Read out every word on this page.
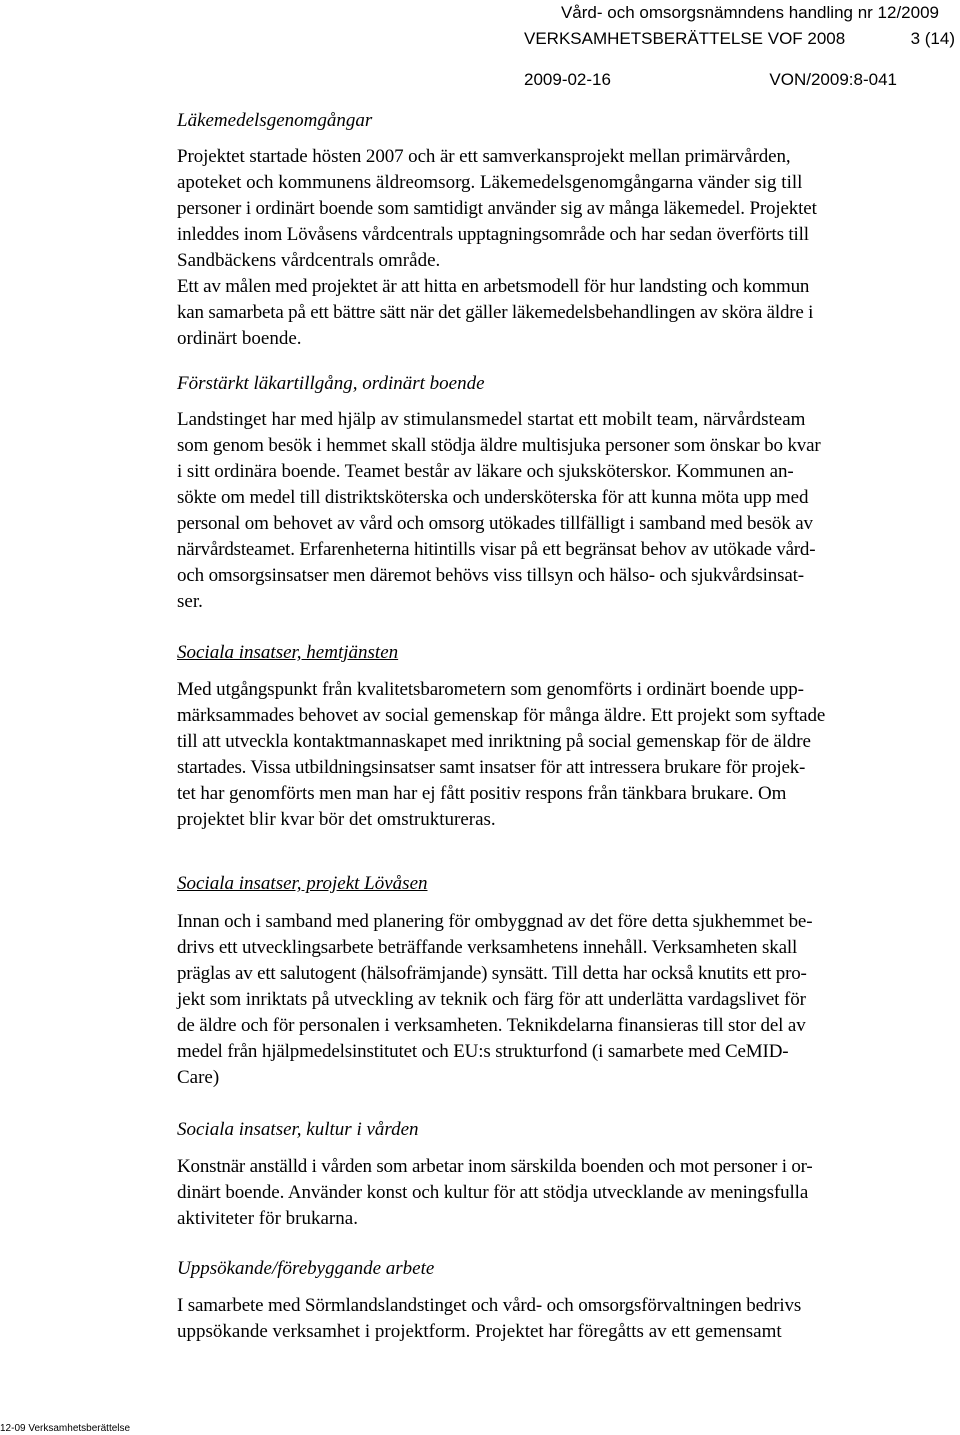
Vård- och omsorgsnämndens handling nr 12/2009
VERKSAMHETSBERÄTTELSE VOF 2008	3 (14)
2009-02-16	VON/2009:8-041
Läkemedelsgenomgångar

Projektet startade hösten 2007 och är ett samverkansprojekt mellan primärvården,
apoteket och kommunens äldreomsorg. Läkemedelsgenomgångarna vänder sig till
personer i ordinärt boende som samtidigt använder sig av många läkemedel. Projektet
inleddes inom Lövåsens vårdcentrals upptagningsområde och har sedan överförts till
Sandbäckens vårdcentrals område.
Ett av målen med projektet är att hitta en arbetsmodell för hur landsting och kommun
kan samarbeta på ett bättre sätt när det gäller läkemedelsbehandlingen av sköra äldre i
ordinärt boende.

Förstärkt läkartillgång, ordinärt boende

Landstinget har med hjälp av stimulansmedel startat ett mobilt team, närvårdsteam
som genom besök i hemmet skall stödja äldre multisjuka personer som önskar bo kvar
i sitt ordinära boende. Teamet består av läkare och sjuksköterskor. Kommunen an-
sökte om medel till distriktsköterska och undersköterska för att kunna möta upp med
personal om behovet av vård och omsorg utökades tillfälligt i samband med besök av
närvårdsteamet. Erfarenheterna hitintills visar på ett begränsat behov av utökade vård-
och omsorgsinsatser men däremot behövs viss tillsyn och hälso- och sjukvårdsinsat-
ser.

Sociala insatser, hemtjänsten

Med utgångspunkt från kvalitetsbarometern som genomförts i ordinärt boende upp-
märksammades behovet av social gemenskap för många äldre. Ett projekt som syftade
till att utveckla kontaktmannaskapet med inriktning på social gemenskap för de äldre
startades. Vissa utbildningsinsatser samt insatser för att intressera brukare för projek-
tet har genomförts men man har ej fått positiv respons från tänkbara brukare. Om
projektet blir kvar bör det omstruktureras.

Sociala insatser, projekt Lövåsen

Innan och i samband med planering för ombyggnad av det före detta sjukhemmet be-
drivs ett utvecklingsarbete beträffande verksamhetens innehåll. Verksamheten skall
präglas av ett salutogent (hälsofrämjande) synsätt. Till detta har också knutits ett pro-
jekt som inriktats på utveckling av teknik och färg för att underlätta vardagslivet för
de äldre och för personalen i verksamheten. Teknikdelarna finansieras till stor del av
medel från hjälpmedelsinstitutet och EU:s strukturfond (i samarbete med CeMID-
Care)

Sociala insatser, kultur i vården

Konstnär anställd i vården som arbetar inom särskilda boenden och mot personer i or-
dinärt boende. Använder konst och kultur för att stödja utvecklande av meningsfulla
aktiviteter för brukarna.

Uppsökande/förebyggande arbete

I samarbete med Sörmlandslandstinget och vård- och omsorgsförvaltningen bedrivs
uppsökande verksamhet i projektform. Projektet har föregåtts av ett gemensamt

12-09 Verksamhetsberättelse
